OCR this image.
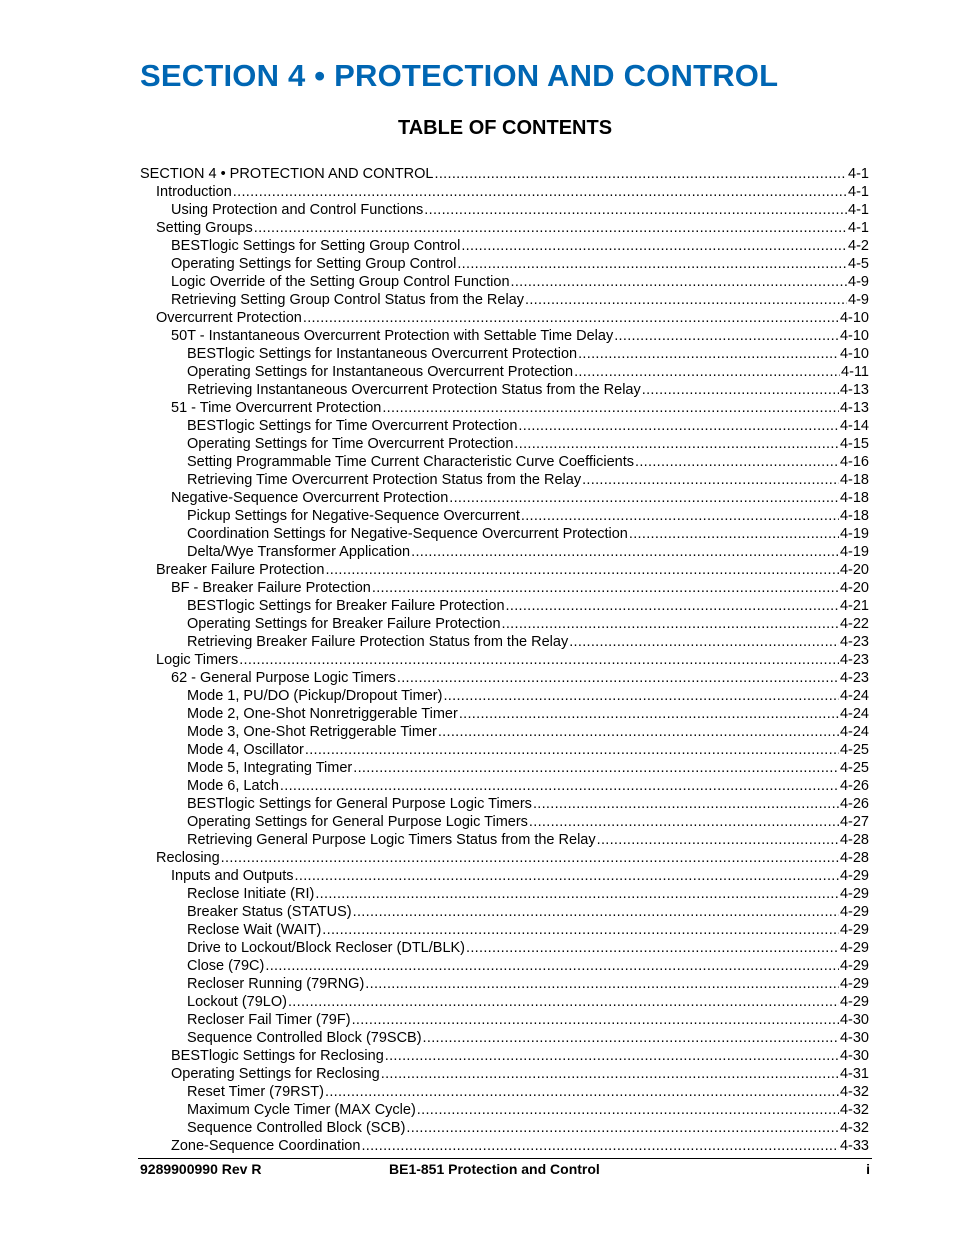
SECTION 4 • PROTECTION AND CONTROL
TABLE OF CONTENTS
SECTION 4 • PROTECTION AND CONTROL .....	4-1
Introduction .....	4-1
Using Protection and Control Functions .....	4-1
Setting Groups .....	4-1
BESTlogic Settings for Setting Group Control .....	4-2
Operating Settings for Setting Group Control .....	4-5
Logic Override of the Setting Group Control Function .....	4-9
Retrieving Setting Group Control Status from the Relay .....	4-9
Overcurrent Protection .....	4-10
50T - Instantaneous Overcurrent Protection with Settable Time Delay .....	4-10
BESTlogic Settings for Instantaneous Overcurrent Protection .....	4-10
Operating Settings for Instantaneous Overcurrent Protection .....	4-11
Retrieving Instantaneous Overcurrent Protection Status from the Relay .....	4-13
51 - Time Overcurrent Protection .....	4-13
BESTlogic Settings for Time Overcurrent Protection .....	4-14
Operating Settings for Time Overcurrent Protection .....	4-15
Setting Programmable Time Current Characteristic Curve Coefficients .....	4-16
Retrieving Time Overcurrent Protection Status from the Relay .....	4-18
Negative-Sequence Overcurrent Protection .....	4-18
Pickup Settings for Negative-Sequence Overcurrent .....	4-18
Coordination Settings for Negative-Sequence Overcurrent Protection .....	4-19
Delta/Wye Transformer Application .....	4-19
Breaker Failure Protection .....	4-20
BF - Breaker Failure Protection .....	4-20
BESTlogic Settings for Breaker Failure Protection .....	4-21
Operating Settings for Breaker Failure Protection .....	4-22
Retrieving Breaker Failure Protection Status from the Relay .....	4-23
Logic Timers .....	4-23
62 - General Purpose Logic Timers .....	4-23
Mode 1, PU/DO (Pickup/Dropout Timer) .....	4-24
Mode 2, One-Shot Nonretriggerable Timer .....	4-24
Mode 3, One-Shot Retriggerable Timer .....	4-24
Mode 4, Oscillator .....	4-25
Mode 5, Integrating Timer .....	4-25
Mode 6, Latch .....	4-26
BESTlogic Settings for General Purpose Logic Timers .....	4-26
Operating Settings for General Purpose Logic Timers .....	4-27
Retrieving General Purpose Logic Timers Status from the Relay .....	4-28
Reclosing .....	4-28
Inputs and Outputs .....	4-29
Reclose Initiate (RI) .....	4-29
Breaker Status (STATUS) .....	4-29
Reclose Wait (WAIT) .....	4-29
Drive to Lockout/Block Recloser (DTL/BLK) .....	4-29
Close (79C) .....	4-29
Recloser Running (79RNG) .....	4-29
Lockout (79LO) .....	4-29
Recloser Fail Timer (79F) .....	4-30
Sequence Controlled Block (79SCB) .....	4-30
BESTlogic Settings for Reclosing .....	4-30
Operating Settings for Reclosing .....	4-31
Reset Timer (79RST) .....	4-32
Maximum Cycle Timer (MAX Cycle) .....	4-32
Sequence Controlled Block (SCB) .....	4-32
Zone-Sequence Coordination .....	4-33
9289900990 Rev R	BE1-851 Protection and Control	i
